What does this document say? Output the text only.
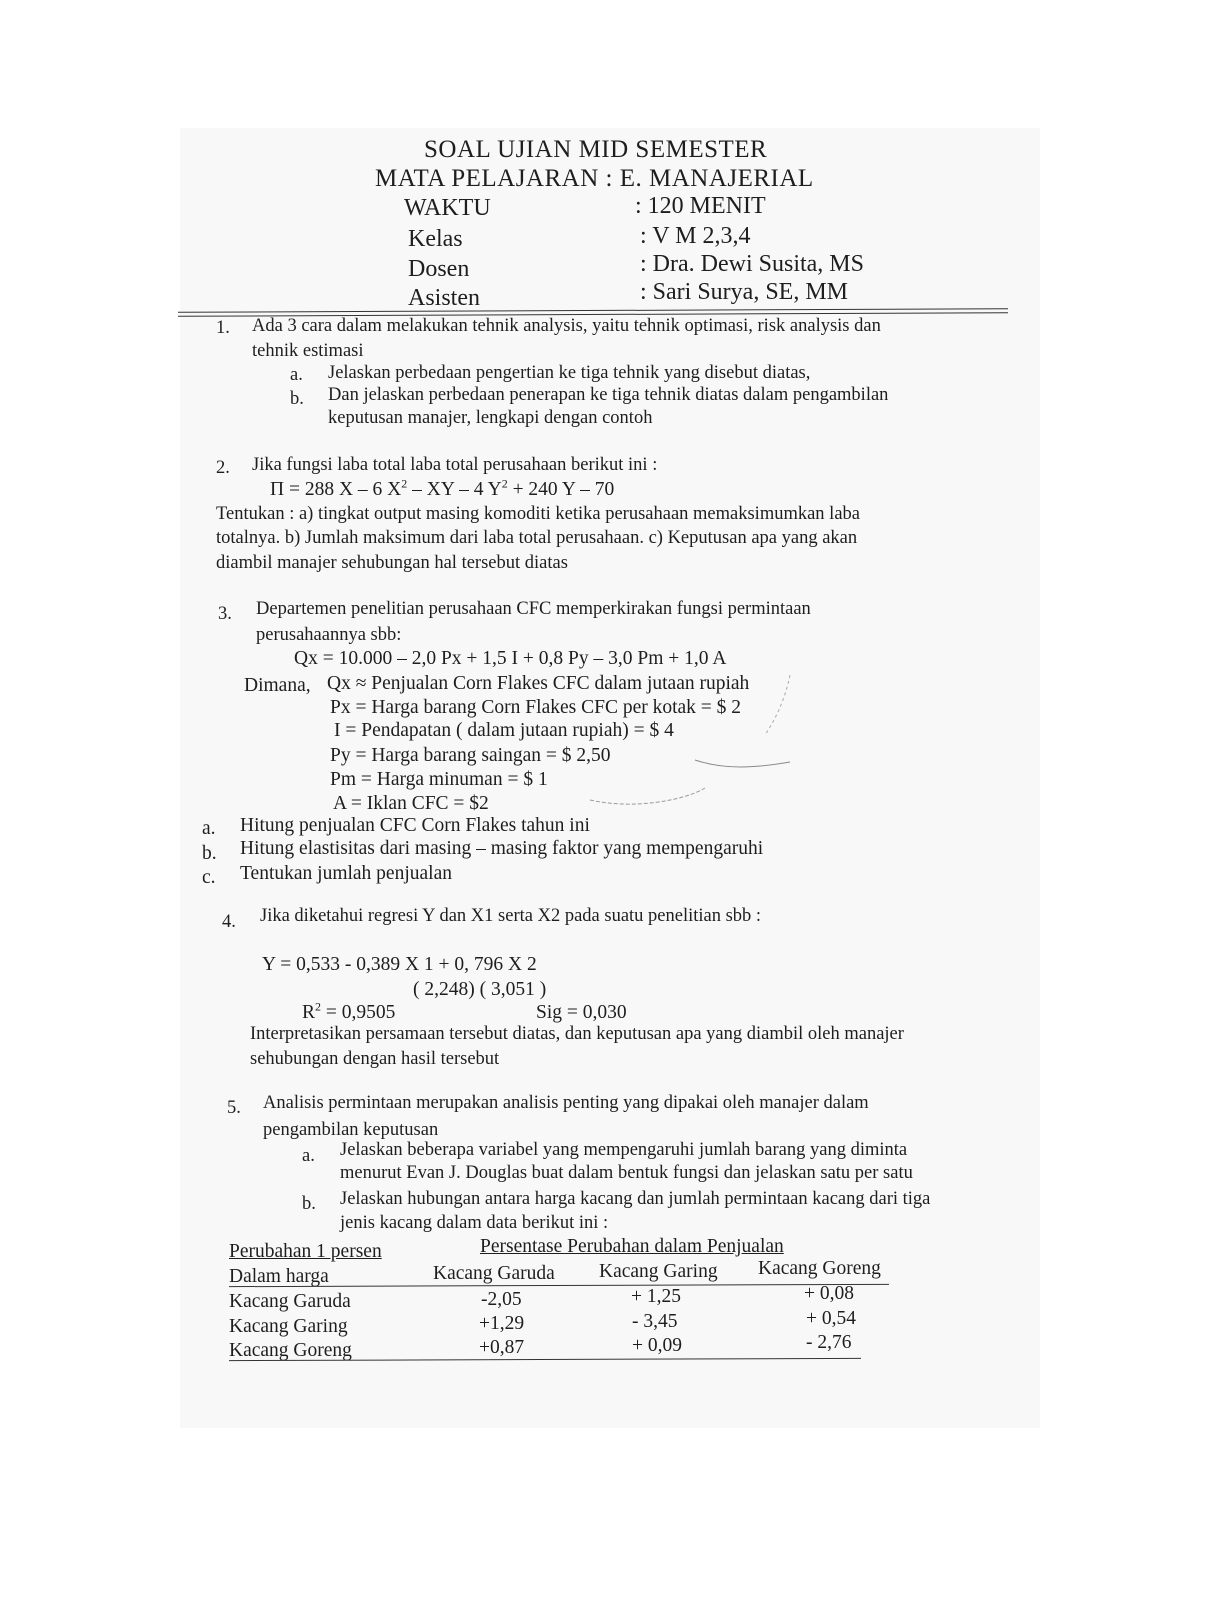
SOAL UJIAN MID SEMESTER
MATA PELAJARAN : E. MANAJERIAL
WAKTU	: 120 MENIT
Kelas	: V M 2,3,4
Dosen	: Dra. Dewi Susita, MS
Asisten	: Sari Surya, SE, MM
1. Ada 3 cara dalam melakukan tehnik analysis, yaitu tehnik optimasi, risk analysis dan
tehnik estimasi
a. Jelaskan perbedaan pengertian ke tiga tehnik yang disebut diatas,
b. Dan jelaskan perbedaan penerapan ke tiga tehnik diatas dalam pengambilan
keputusan manajer, lengkapi dengan contoh
2. Jika fungsi laba total laba total perusahaan berikut ini :
Π = 288 X – 6 $X^2$ – XY – 4 $Y^2 + 240$ Y – 70
Tentukan : a) tingkat output masing komoditi ketika perusahaan memaksimumkan laba
totalnya. b) Jumlah maksimum dari laba total perusahaan. c) Keputusan apa yang akan
diambil manajer sehubungan hal tersebut diatas
3. Departemen penelitian perusahaan CFC memperkirakan fungsi permintaan
perusahaannya sbb:
Qx = 10.000 – 2,0 Px + 1,5 I + 0,8 Py – 3,0 Pm + 1,0 A
Dimana, Qx ≈ Penjualan Corn Flakes CFC dalam jutaan rupiah
Px = Harga barang Corn Flakes CFC per kotak = $ 2
I = Pendapatan ( dalam jutaan rupiah) = $ 4
Py = Harga barang saingan = $ 2,50
Pm = Harga minuman = $ 1
A = Iklan CFC = $2
a. Hitung penjualan CFC Corn Flakes tahun ini
b. Hitung elastisitas dari masing – masing faktor yang mempengaruhi
c. Tentukan jumlah penjualan
4. Jika diketahui regresi Y dan X1 serta X2 pada suatu penelitian sbb :
Y = 0,533 - 0,389 X 1 + 0, 796 X 2
( 2,248) ( 3,051 )
$R^2 = 0,9505$	Sig = 0,030
Interpretasikan persamaan tersebut diatas, dan keputusan apa yang diambil oleh manajer
sehubungan dengan hasil tersebut
5. Analisis permintaan merupakan analisis penting yang dipakai oleh manajer dalam
pengambilan keputusan
a. Jelaskan beberapa variabel yang mempengaruhi jumlah barang yang diminta
menurut Evan J. Douglas buat dalam bentuk fungsi dan jelaskan satu per satu
b. Jelaskan hubungan antara harga kacang dan jumlah permintaan kacang dari tiga
jenis kacang dalam data berikut ini :
Perubahan 1 persen	Persentase Perubahan dalam Penjualan
Dalam harga	Kacang Garuda Kacang Garing Kacang Goreng
Kacang Garuda	-2,05	+ 1,25	+ 0,08
Kacang Garing	+1,29	- 3,45	+ 0,54
Kacang Goreng	+0,87	+ 0,09	- 2,76
